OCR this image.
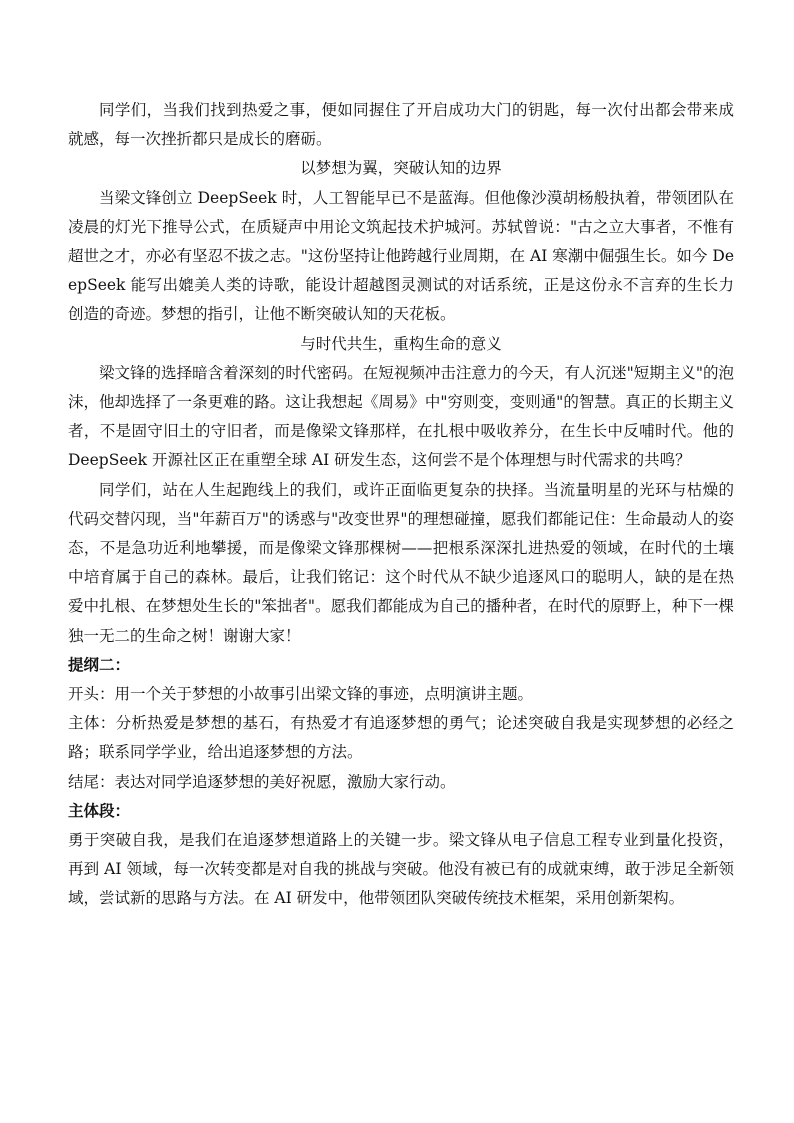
同学们，当我们找到热爱之事，便如同握住了开启成功大门的钥匙，每一次付出都会带来成就感，每一次挫折都只是成长的磨砺。

以梦想为翼，突破认知的边界

当梁文锋创立 DeepSeek 时，人工智能早已不是蓝海。但他像沙漠胡杨般执着，带领团队在凌晨的灯光下推导公式，在质疑声中用论文筑起技术护城河。苏轼曾说："古之立大事者，不惟有超世之才，亦必有坚忍不拔之志。"这份坚持让他跨越行业周期，在 AI 寒潮中倔强生长。如今 DeepSeek 能写出媲美人类的诗歌，能设计超越图灵测试的对话系统，正是这份永不言弃的生长力创造的奇迹。梦想的指引，让他不断突破认知的天花板。

与时代共生，重构生命的意义

梁文锋的选择暗含着深刻的时代密码。在短视频冲击注意力的今天，有人沉迷"短期主义"的泡沫，他却选择了一条更难的路。这让我想起《周易》中"穷则变，变则通"的智慧。真正的长期主义者，不是固守旧土的守旧者，而是像梁文锋那样，在扎根中吸收养分，在生长中反哺时代。他的 DeepSeek 开源社区正在重塑全球 AI 研发生态，这何尝不是个体理想与时代需求的共鸣？

同学们，站在人生起跑线上的我们，或许正面临更复杂的抉择。当流量明星的光环与枯燥的代码交替闪现，当"年薪百万"的诱惑与"改变世界"的理想碰撞，愿我们都能记住：生命最动人的姿态，不是急功近利地攀援，而是像梁文锋那棵树——把根系深深扎进热爱的领域，在时代的土壤中培育属于自己的森林。最后，让我们铭记：这个时代从不缺少追逐风口的聪明人，缺的是在热爱中扎根、在梦想处生长的"笨拙者"。愿我们都能成为自己的播种者，在时代的原野上，种下一棵独一无二的生命之树！谢谢大家！

提纲二：

开头：用一个关于梦想的小故事引出梁文锋的事迹，点明演讲主题。

主体：分析热爱是梦想的基石，有热爱才有追逐梦想的勇气；论述突破自我是实现梦想的必经之路；联系同学学业，给出追逐梦想的方法。

结尾：表达对同学追逐梦想的美好祝愿，激励大家行动。

主体段：

勇于突破自我，是我们在追逐梦想道路上的关键一步。梁文锋从电子信息工程专业到量化投资，再到 AI 领域，每一次转变都是对自我的挑战与突破。他没有被已有的成就束缚，敢于涉足全新领域，尝试新的思路与方法。在 AI 研发中，他带领团队突破传统技术框架，采用创新架构。
